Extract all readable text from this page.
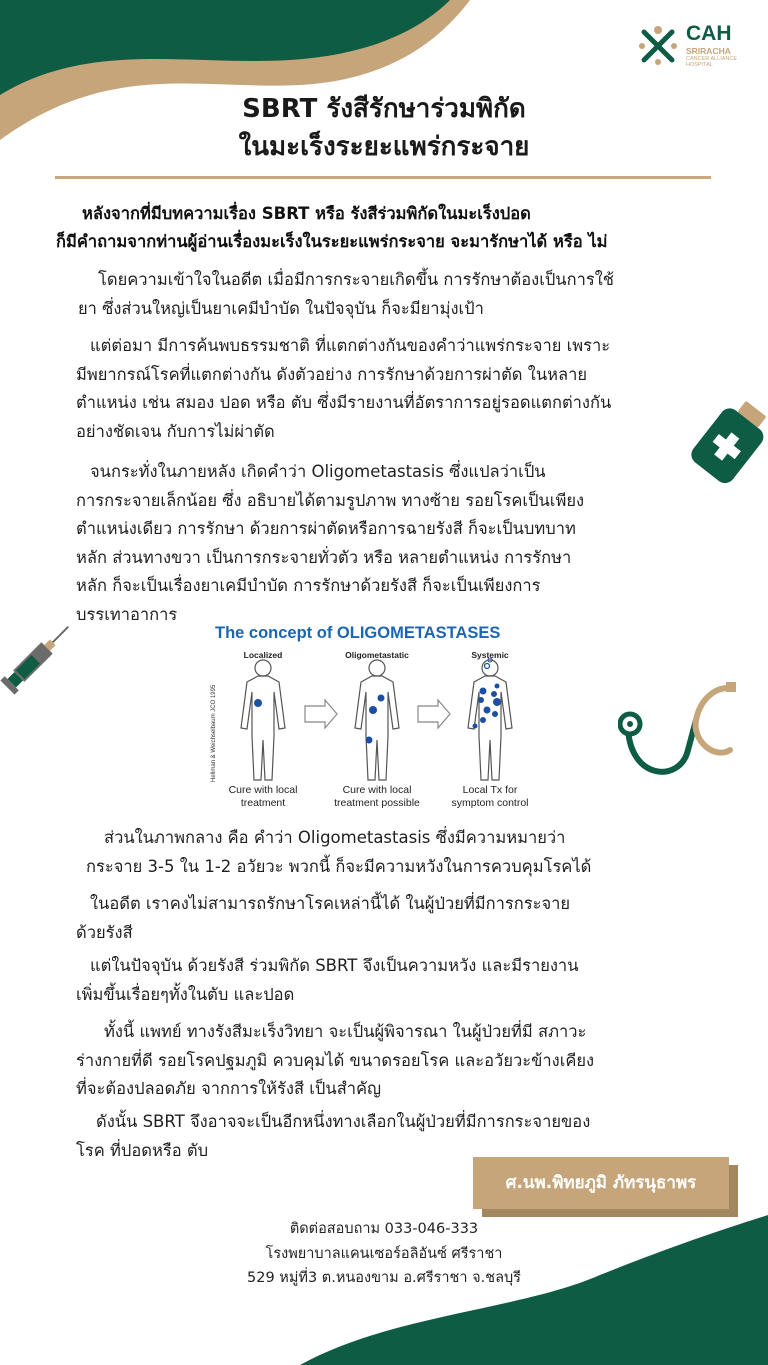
CAH
SRIRACHA
CANCER ALLIANCE
HOSPITAL
SBRT รังสีรักษาร่วมพิกัด
ในมะเร็งระยะแพร่กระจาย
หลังจากที่มีบทความเรื่อง SBRT หรือ รังสีร่วมพิกัดในมะเร็งปอด
ก็มีคำถามจากท่านผู้อ่านเรื่องมะเร็งในระยะแพร่กระจาย จะมารักษาได้ หรือ ไม่

โดยความเข้าใจในอดีต เมื่อมีการกระจายเกิดขึ้น การรักษาต้องเป็นการใช้

ยา ซึ่งส่วนใหญ่เป็นยาเคมีบำบัด ในปัจจุบัน ก็จะมียามุ่งเป้า

แต่ต่อมา มีการค้นพบธรรมชาติ ที่แตกต่างกันของคำว่าแพร่กระจาย เพราะ

มีพยากรณ์โรคที่แตกต่างกัน ดังตัวอย่าง การรักษาด้วยการผ่าตัด ในหลาย

ตำแหน่ง เช่น สมอง ปอด หรือ ตับ ซึ่งมีรายงานที่อัตราการอยู่รอดแตกต่างกัน

อย่างชัดเจน กับการไม่ผ่าตัด

จนกระทั่งในภายหลัง เกิดคำว่า Oligometastasis ซึ่งแปลว่าเป็น

การกระจายเล็กน้อย ซึ่ง อธิบายได้ตามรูปภาพ ทางซ้าย รอยโรคเป็นเพียง

ตำแหน่งเดียว การรักษา ด้วยการผ่าตัดหรือการฉายรังสี ก็จะเป็นบทบาท

หลัก ส่วนทางขวา เป็นการกระจายทั่วตัว หรือ หลายตำแหน่ง การรักษา

หลัก ก็จะเป็นเรื่องยาเคมีบำบัด การรักษาด้วยรังสี ก็จะเป็นเพียงการ

บรรเทาอาการ

The concept of OLIGOMETASTASES
Hellman & Weichselbaum JCO 1995
Localized	Oligometastatic	Systemic
Cure with local
treatment
Cure with local
treatment possible
Local Tx for
symptom control

ส่วนในภาพกลาง คือ คำว่า Oligometastasis ซึ่งมีความหมายว่า

กระจาย 3-5 ใน 1-2 อวัยวะ พวกนี้ ก็จะมีความหวังในการควบคุมโรคได้

ในอดีต เราคงไม่สามารถรักษาโรคเหล่านี้ได้ ในผู้ป่วยที่มีการกระจาย

ด้วยรังสี

แต่ในปัจจุบัน ด้วยรังสี ร่วมพิกัด SBRT จึงเป็นความหวัง และมีรายงาน

เพิ่มขึ้นเรื่อยๆทั้งในตับ และปอด

ทั้งนี้ แพทย์ ทางรังสีมะเร็งวิทยา จะเป็นผู้พิจารณา ในผู้ป่วยที่มี สภาวะ

ร่างกายที่ดี รอยโรคปฐมภูมิ ควบคุมได้ ขนาดรอยโรค และอวัยวะข้างเคียง

ที่จะต้องปลอดภัย จากการให้รังสี เป็นสำคัญ

ดังนั้น SBRT จึงอาจจะเป็นอีกหนึ่งทางเลือกในผู้ป่วยที่มีการกระจายของ

โรค ที่ปอดหรือ ตับ

ศ.นพ.พิทยภูมิ ภัทรนุธาพร
ติดต่อสอบถาม 033-046-333
โรงพยาบาลแคนเซอร์อลิอันซ์ ศรีราชา
529 หมู่ที่3 ต.หนองขาม อ.ศรีราชา จ.ชลบุรี
